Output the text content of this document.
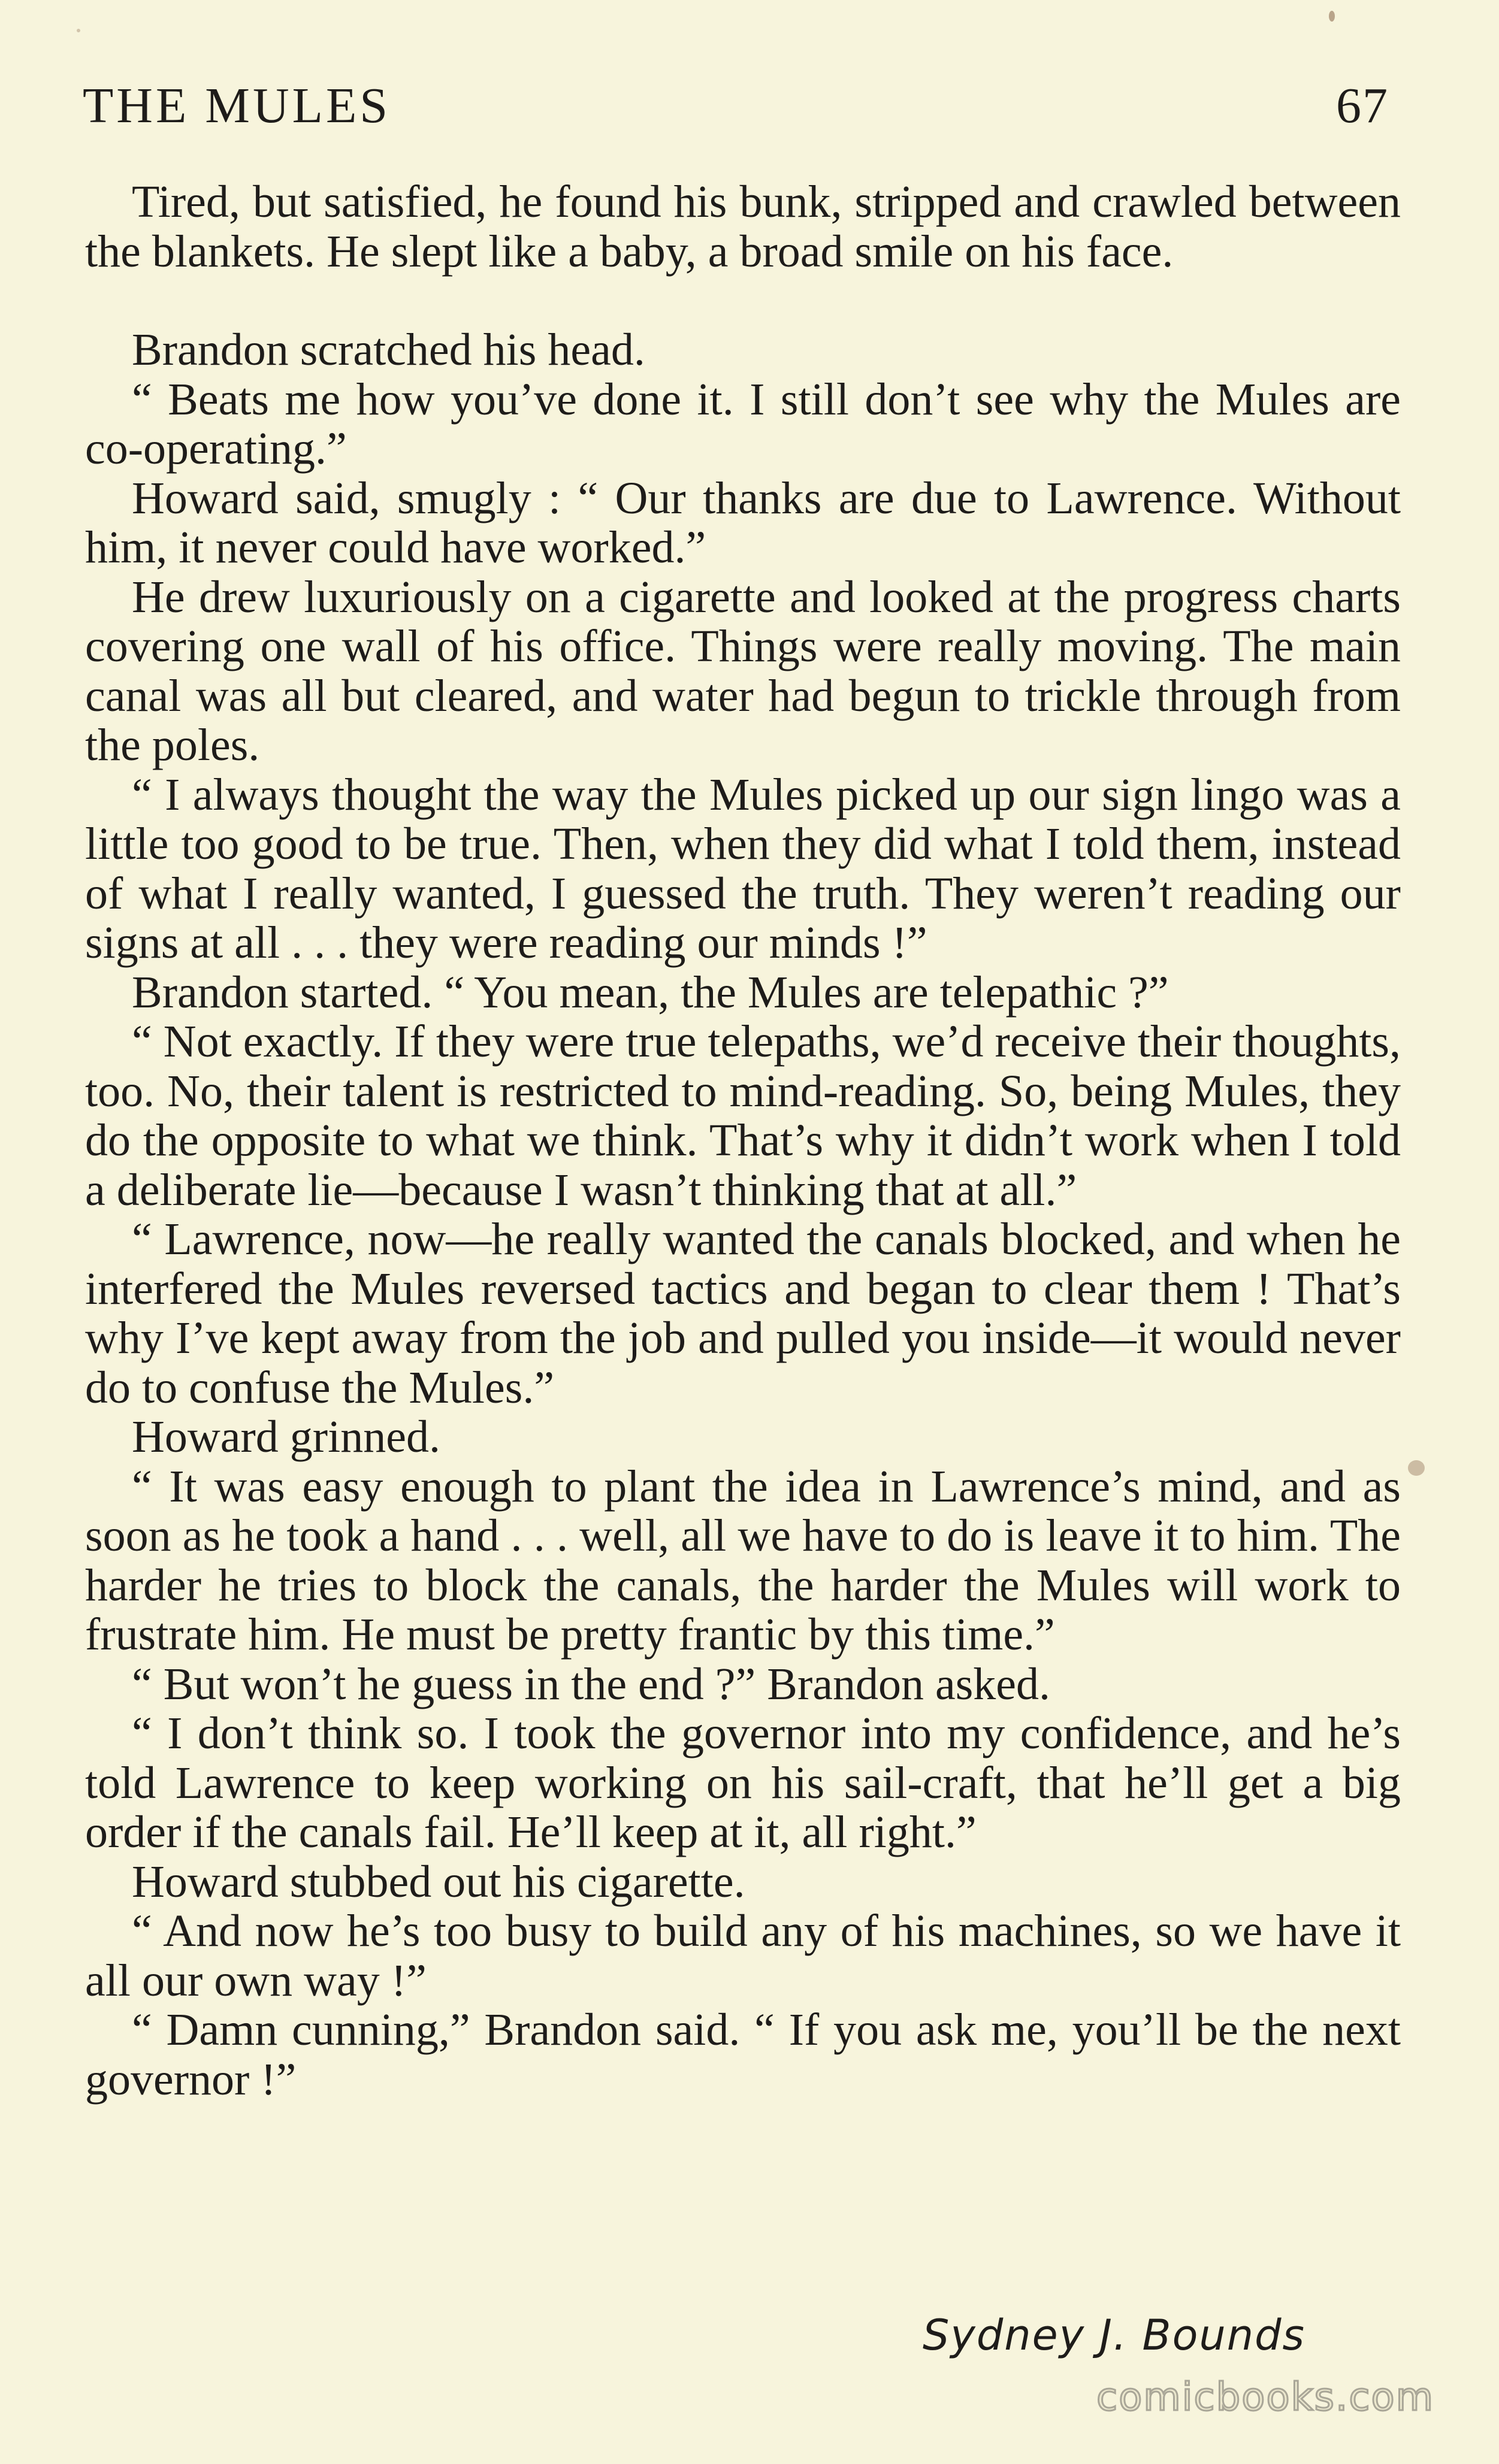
THE MULES	67

Tired, but satisfied, he found his bunk, stripped and crawled between the blankets. He slept like a baby, a broad smile on his face.

Brandon scratched his head.

“ Beats me how you’ve done it. I still don’t see why the Mules are co-operating.”

Howard said, smugly : “ Our thanks are due to Lawrence. Without him, it never could have worked.”

He drew luxuriously on a cigarette and looked at the progress charts covering one wall of his office. Things were really moving. The main canal was all but cleared, and water had begun to trickle through from the poles.

“ I always thought the way the Mules picked up our sign lingo was a little too good to be true. Then, when they did what I told them, instead of what I really wanted, I guessed the truth. They weren’t reading our signs at all . . . they were reading our minds !”

Brandon started. “ You mean, the Mules are telepathic ?”

“ Not exactly. If they were true telepaths, we’d receive their thoughts, too. No, their talent is restricted to mind-reading. So, being Mules, they do the opposite to what we think. That’s why it didn’t work when I told a deliberate lie—because I wasn’t thinking that at all.”

“ Lawrence, now—he really wanted the canals blocked, and when he interfered the Mules reversed tactics and began to clear them ! That’s why I’ve kept away from the job and pulled you inside—it would never do to confuse the Mules.”

Howard grinned.

“ It was easy enough to plant the idea in Lawrence’s mind, and as soon as he took a hand . . . well, all we have to do is leave it to him. The harder he tries to block the canals, the harder the Mules will work to frustrate him. He must be pretty frantic by this time.”

“ But won’t he guess in the end ?” Brandon asked.

“ I don’t think so. I took the governor into my confidence, and he’s told Lawrence to keep working on his sail-craft, that he’ll get a big order if the canals fail. He’ll keep at it, all right.”

Howard stubbed out his cigarette.

“ And now he’s too busy to build any of his machines, so we have it all our own way !”

“ Damn cunning,” Brandon said. “ If you ask me, you’ll be the next governor !”

Sydney J. Bounds
comicbooks.com
